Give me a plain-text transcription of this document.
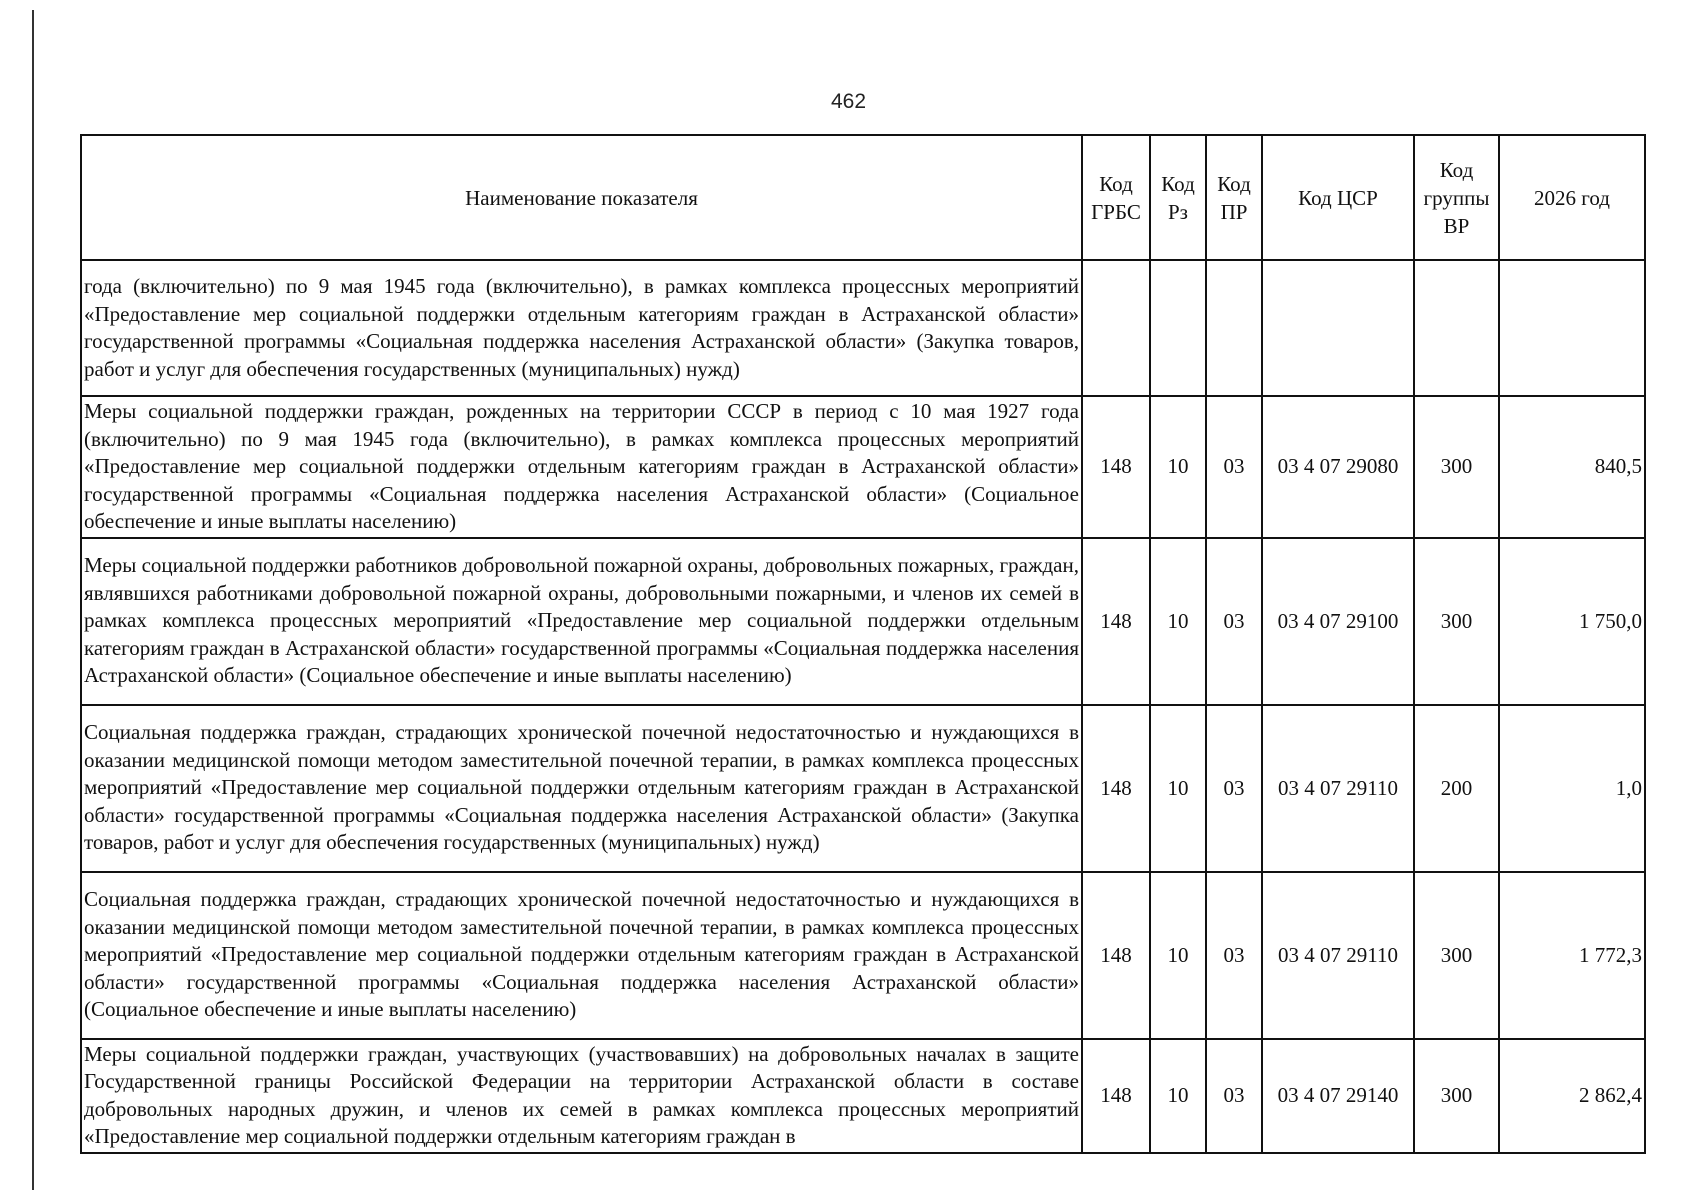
462
Наименование показателя	Код ГРБС	Код Рз	Код ПР	Код ЦСР	Код группы ВР	2026 год
года (включительно) по 9 мая 1945 года (включительно), в рамках комплекса процессных мероприятий «Предоставление мер социальной поддержки отдельным категориям граждан в Астраханской области» государственной программы «Социальная поддержка населения Астраханской области» (Закупка товаров, работ и услуг для обеспечения государственных (муниципальных) нужд)						
Меры социальной поддержки граждан, рожденных на территории СССР в период с 10 мая 1927 года (включительно) по 9 мая 1945 года (включительно), в рамках комплекса процессных мероприятий «Предоставление мер социальной поддержки отдельным категориям граждан в Астраханской области» государственной программы «Социальная поддержка населения Астраханской области» (Социальное обеспечение и иные выплаты населению)	148	10	03	03 4 07 29080	300	840,5
Меры социальной поддержки работников добровольной пожарной охраны, добровольных пожарных, граждан, являвшихся работниками добровольной пожарной охраны, добровольными пожарными, и членов их семей в рамках комплекса процессных мероприятий «Предоставление мер социальной поддержки отдельным категориям граждан в Астраханской области» государственной программы «Социальная поддержка населения Астраханской области» (Социальное обеспечение и иные выплаты населению)	148	10	03	03 4 07 29100	300	1 750,0
Социальная поддержка граждан, страдающих хронической почечной недостаточностью и нуждающихся в оказании медицинской помощи методом заместительной почечной терапии, в рамках комплекса процессных мероприятий «Предоставление мер социальной поддержки отдельным категориям граждан в Астраханской области» государственной программы «Социальная поддержка населения Астраханской области» (Закупка товаров, работ и услуг для обеспечения государственных (муниципальных) нужд)	148	10	03	03 4 07 29110	200	1,0
Социальная поддержка граждан, страдающих хронической почечной недостаточностью и нуждающихся в оказании медицинской помощи методом заместительной почечной терапии, в рамках комплекса процессных мероприятий «Предоставление мер социальной поддержки отдельным категориям граждан в Астраханской области» государственной программы «Социальная поддержка населения Астраханской области» (Социальное обеспечение и иные выплаты населению)	148	10	03	03 4 07 29110	300	1 772,3
Меры социальной поддержки граждан, участвующих (участвовавших) на добровольных началах в защите Государственной границы Российской Федерации на территории Астраханской области в составе добровольных народных дружин, и членов их семей в рамках комплекса процессных мероприятий «Предоставление мер социальной поддержки отдельным категориям граждан в	148	10	03	03 4 07 29140	300	2 862,4
